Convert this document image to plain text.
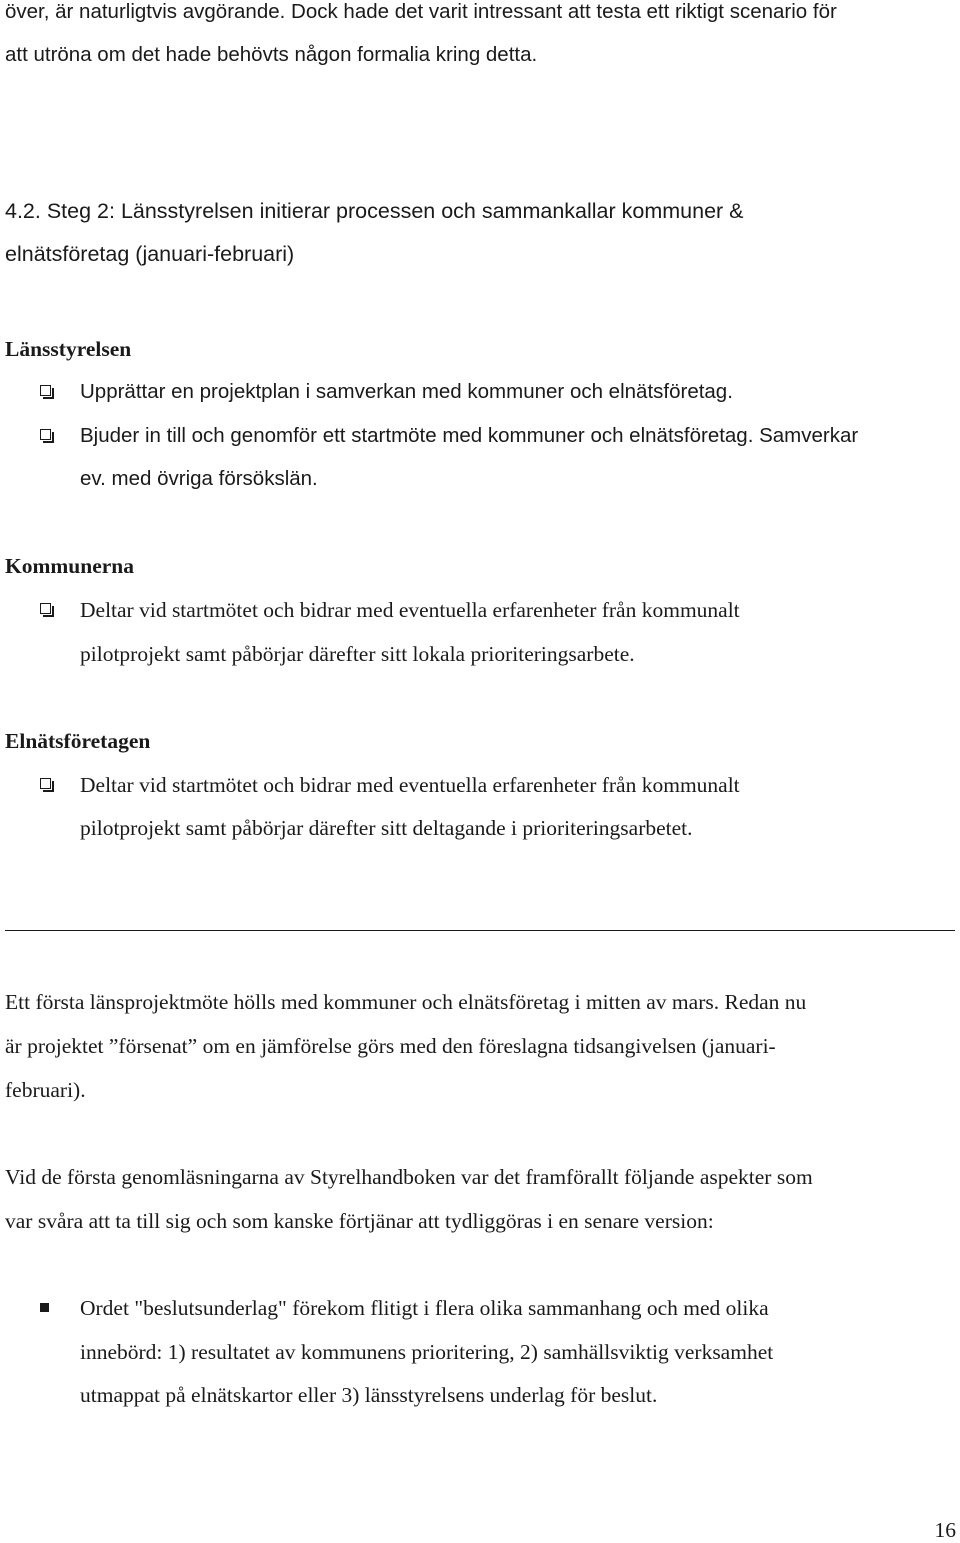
över, är naturligtvis avgörande. Dock hade det varit intressant att testa ett riktigt scenario för
att utröna om det hade behövts någon formalia kring detta.
4.2. Steg 2: Länsstyrelsen initierar processen och sammankallar kommuner &
elnätsföretag (januari-februari)
Länsstyrelsen
Upprättar en projektplan i samverkan med kommuner och elnätsföretag.
Bjuder in till och genomför ett startmöte med kommuner och elnätsföretag. Samverkar
ev. med övriga försökslän.
Kommunerna
Deltar vid startmötet och bidrar med eventuella erfarenheter från kommunalt
pilotprojekt samt påbörjar därefter sitt lokala prioriteringsarbete.
Elnätsföretagen
Deltar vid startmötet och bidrar med eventuella erfarenheter från kommunalt
pilotprojekt samt påbörjar därefter sitt deltagande i prioriteringsarbetet.
Ett första länsprojektmöte hölls med kommuner och elnätsföretag i mitten av mars. Redan nu
är projektet ”försenat” om en jämförelse görs med den föreslagna tidsangivelsen (januari-
februari).
Vid de första genomläsningarna av Styrelhandboken var det framförallt följande aspekter som
var svåra att ta till sig och som kanske förtjänar att tydliggöras i en senare version:
Ordet "beslutsunderlag" förekom flitigt i flera olika sammanhang och med olika
innebörd: 1) resultatet av kommunens prioritering, 2) samhällsviktig verksamhet
utmappat på elnätskartor eller 3) länsstyrelsens underlag för beslut.
16
